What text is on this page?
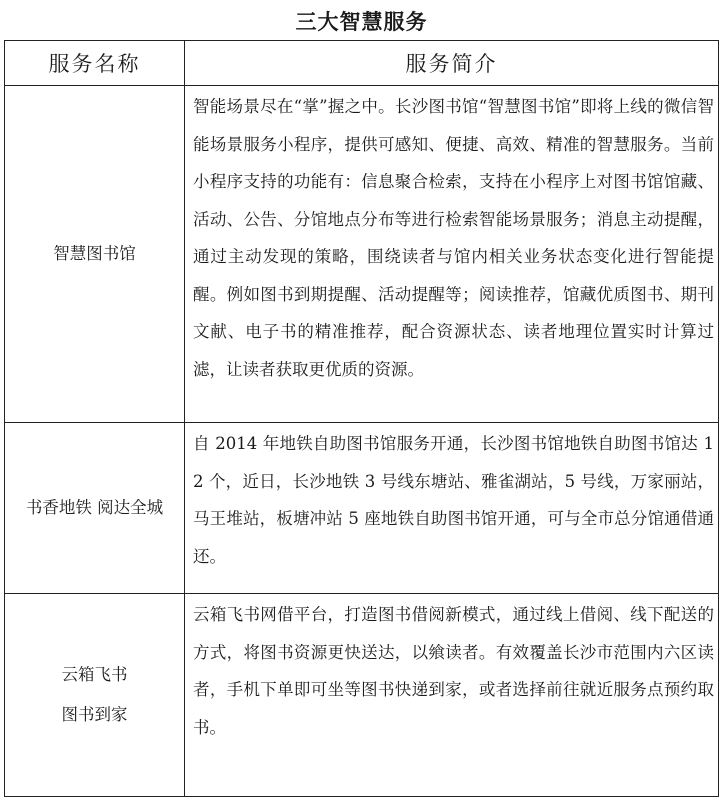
三大智慧服务
服务名称	服务简介

智慧图书馆	智能场景尽在“掌”握之中。长沙图书馆“智慧图书馆”即将上线的微信智能场景服务小程序，提供可感知、便捷、高效、精准的智慧服务。当前小程序支持的功能有：信息聚合检索，支持在小程序上对图书馆馆藏、活动、公告、分馆地点分布等进行检索智能场景服务；消息主动提醒，通过主动发现的策略，围绕读者与馆内相关业务状态变化进行智能提醒。例如图书到期提醒、活动提醒等；阅读推荐，馆藏优质图书、期刊文献、电子书的精准推荐，配合资源状态、读者地理位置实时计算过滤，让读者获取更优质的资源。

书香地铁 阅达全城	自 2014 年地铁自助图书馆服务开通，长沙图书馆地铁自助图书馆达 12 个，近日，长沙地铁 3 号线东塘站、雅雀湖站，5 号线，万家丽站，马王堆站，板塘冲站 5 座地铁自助图书馆开通，可与全市总分馆通借通还。

云箱飞书
图书到家	云箱飞书网借平台，打造图书借阅新模式，通过线上借阅、线下配送的方式，将图书资源更快送达，以飨读者。有效覆盖长沙市范围内六区读者，手机下单即可坐等图书快递到家，或者选择前往就近服务点预约取书。
